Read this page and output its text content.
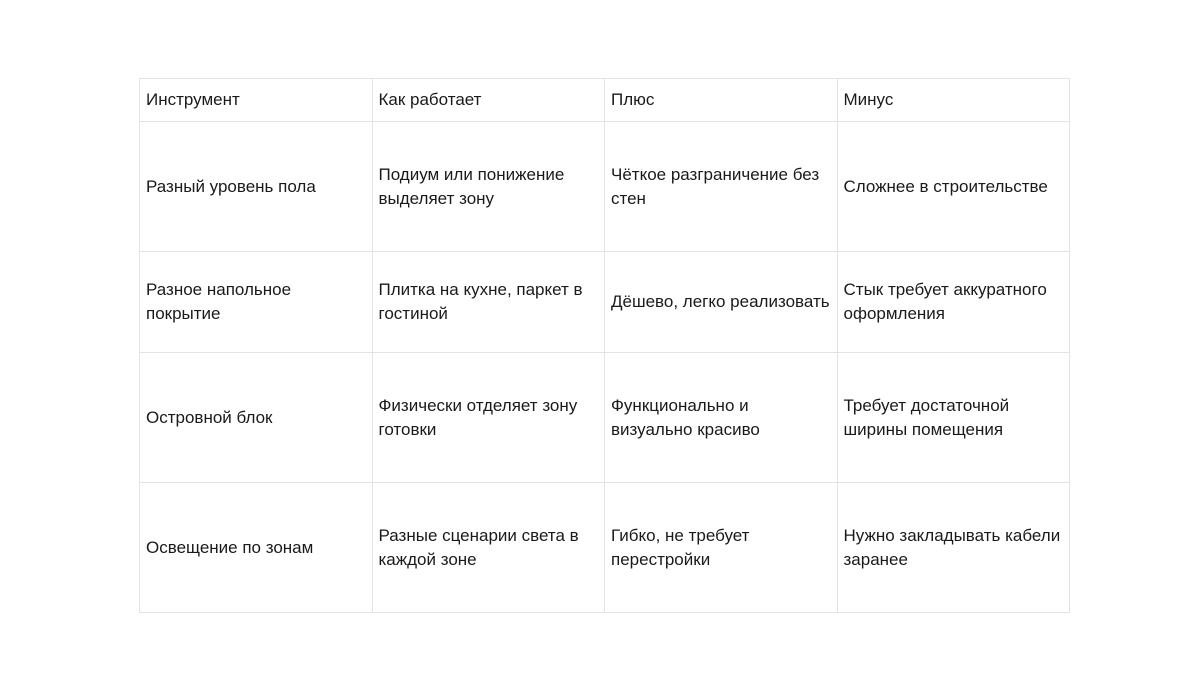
Инструмент	Как работает	Плюс	Минус
Разный уровень пола	Подиум или понижение выделяет зону	Чёткое разграничение без стен	Сложнее в строительстве
Разное напольное покрытие	Плитка на кухне, паркет в гостиной	Дёшево, легко реализовать	Стык требует аккуратного оформления
Островной блок	Физически отделяет зону готовки	Функционально и визуально красиво	Требует достаточной ширины помещения
Освещение по зонам	Разные сценарии света в каждой зоне	Гибко, не требует перестройки	Нужно закладывать кабели заранее
